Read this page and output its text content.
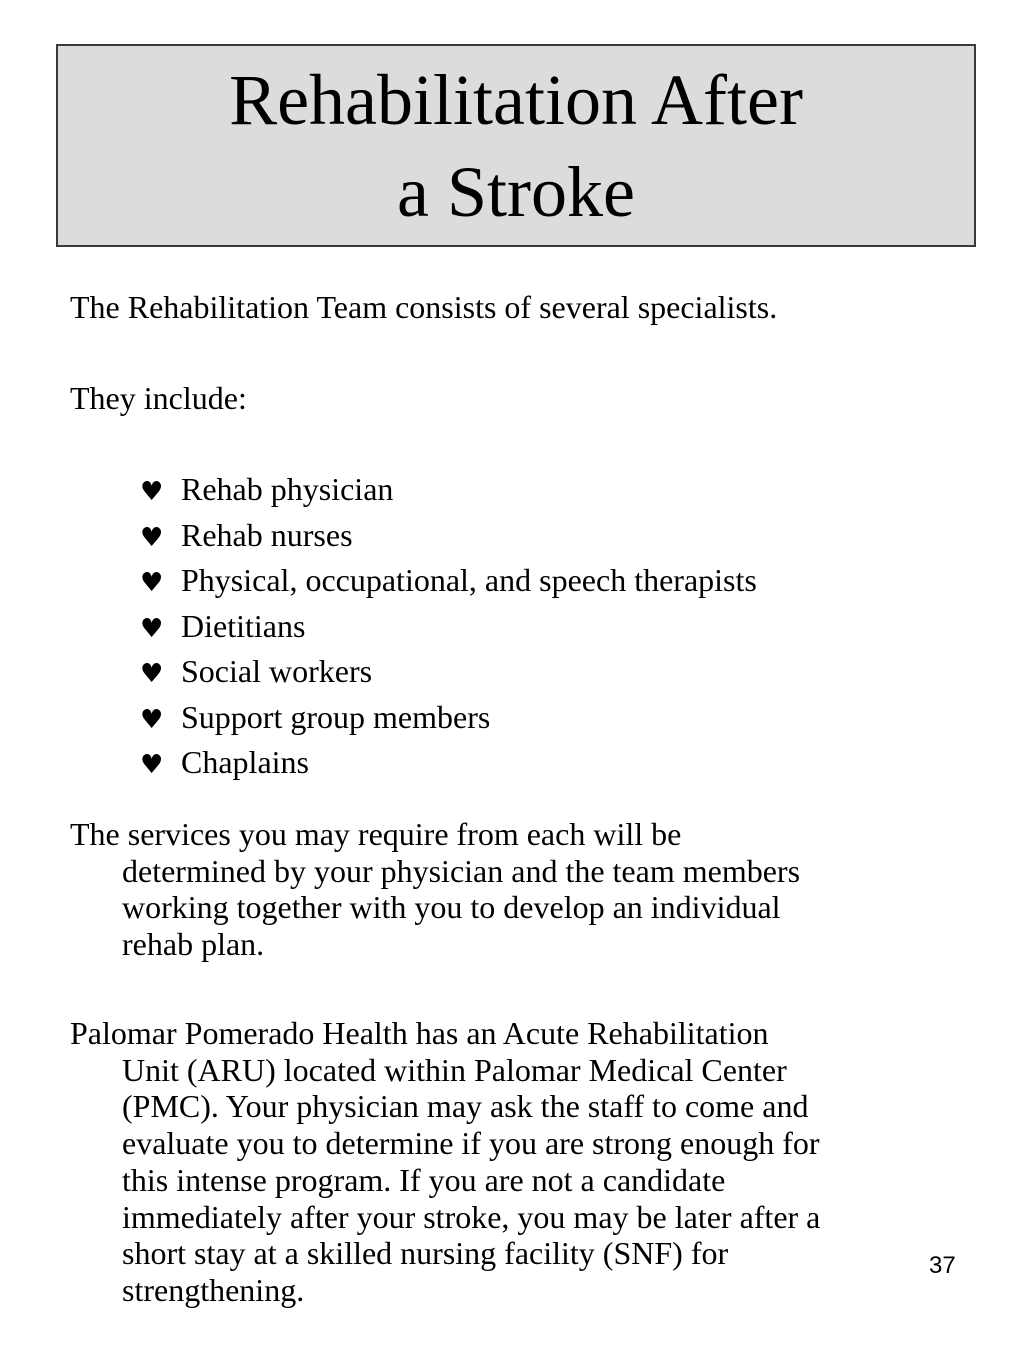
Rehabilitation After
a Stroke
The Rehabilitation Team consists of several specialists.
They include:
♥ Rehab physician
♥ Rehab nurses
♥ Physical, occupational, and speech therapists
♥ Dietitians
♥ Social workers
♥ Support group members
♥ Chaplains
The services you may require from each will be
determined by your physician and the team members
working together with you to develop an individual
rehab plan.
Palomar Pomerado Health has an Acute Rehabilitation
Unit (ARU) located within Palomar Medical Center
(PMC). Your physician may ask the staff to come and
evaluate you to determine if you are strong enough for
this intense program. If you are not a candidate
immediately after your stroke, you may be later after a
short stay at a skilled nursing facility (SNF) for
strengthening.
37
